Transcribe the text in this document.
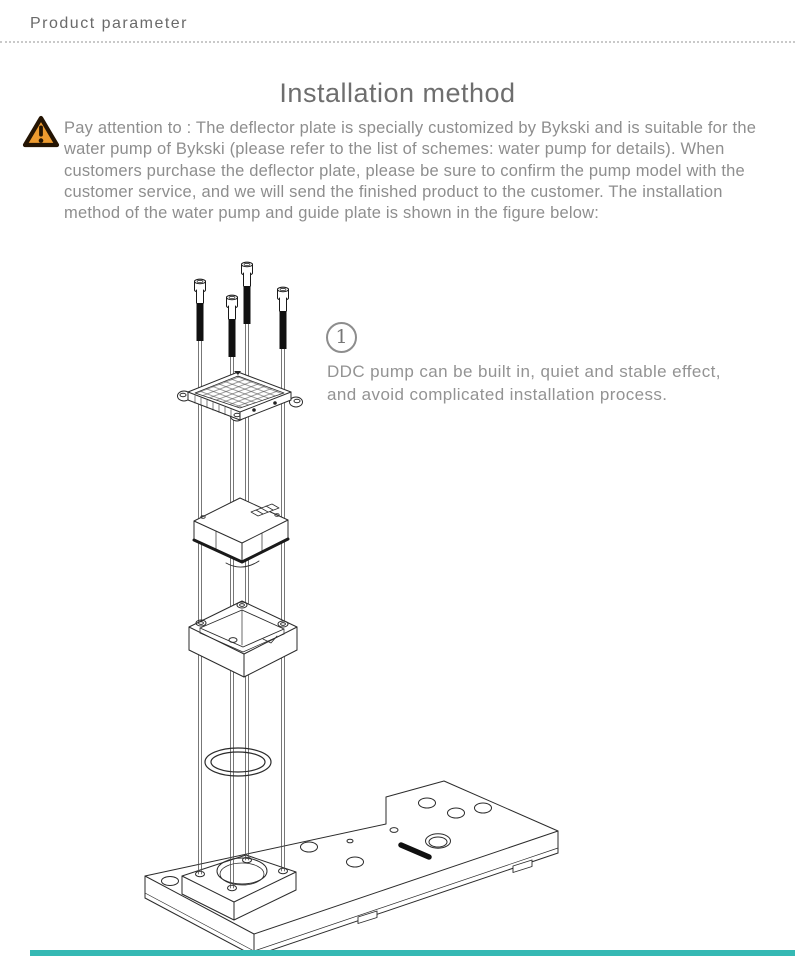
Product parameter
Installation method
Pay attention to : The deflector plate is specially customized by Bykski and is suitable for the water pump of Bykski (please refer to the list of schemes: water pump for details). When customers purchase the deflector plate, please be sure to confirm the pump model with the customer service, and we will send the finished product to the customer. The installation method of the water pump and guide plate is shown in the figure below:
1
DDC pump can be built in, quiet and stable effect,
and avoid complicated installation process.
